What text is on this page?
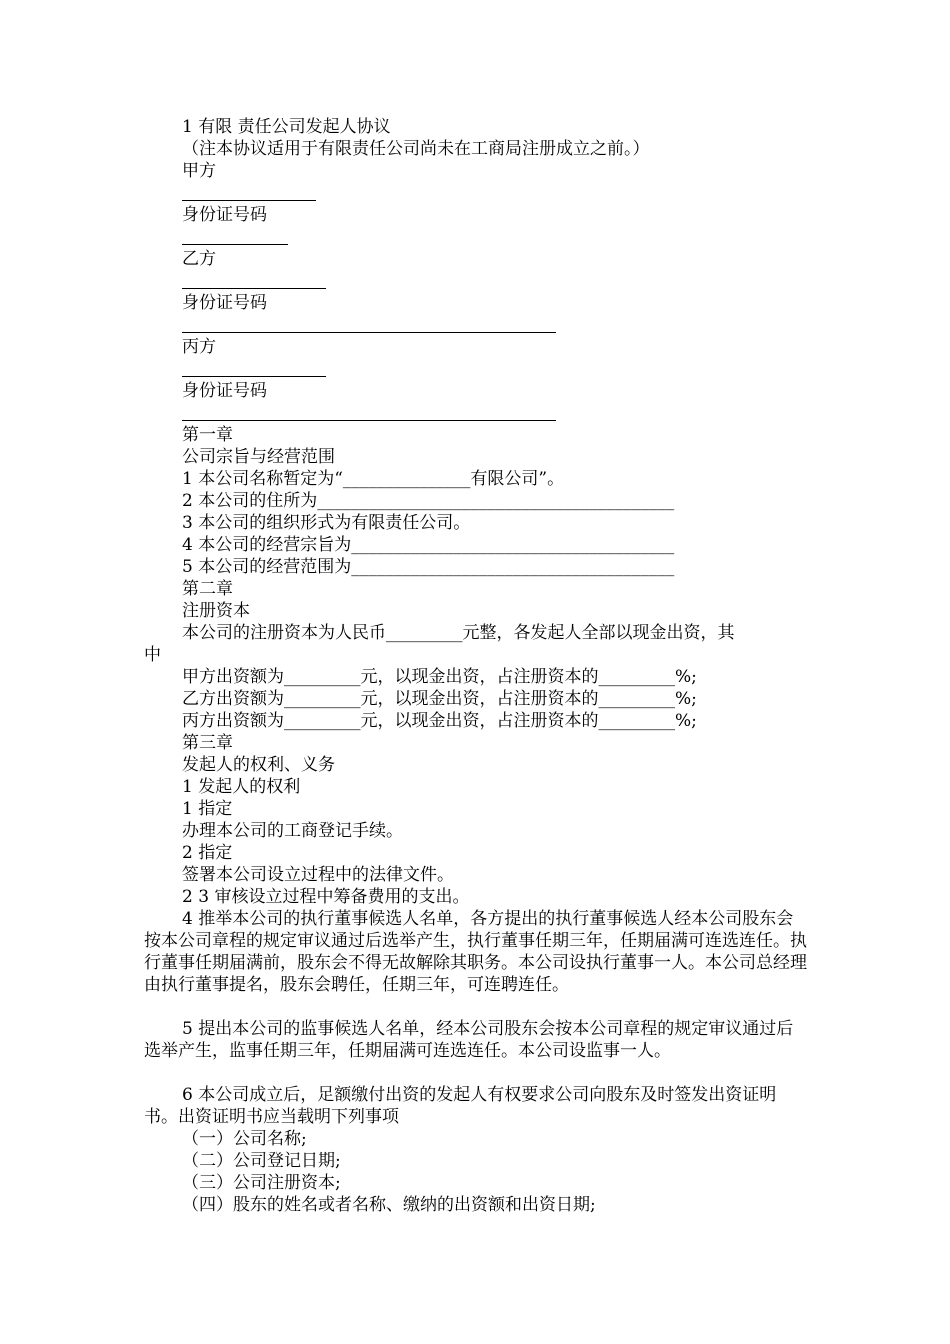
1 有限 责任公司发起人协议
（注本协议适用于有限责任公司尚未在工商局注册成立之前。）
甲方
身份证号码
乙方
身份证号码
丙方
身份证号码
第一章
公司宗旨与经营范围
1 本公司名称暂定为“_______________有限公司”。
2 本公司的住所为__________________________________________
3 本公司的组织形式为有限责任公司。
4 本公司的经营宗旨为______________________________________
5 本公司的经营范围为______________________________________
第二章
注册资本
本公司的注册资本为人民币_________元整，各发起人全部以现金出资，其
中
甲方出资额为_________元，以现金出资，占注册资本的_________%;
乙方出资额为_________元，以现金出资，占注册资本的_________%;
丙方出资额为_________元，以现金出资，占注册资本的_________%;
第三章
发起人的权利、义务
1 发起人的权利
1 指定
办理本公司的工商登记手续。
2 指定
签署本公司设立过程中的法律文件。
2 3 审核设立过程中筹备费用的支出。
4 推举本公司的执行董事候选人名单，各方提出的执行董事候选人经本公司股东会按本公司章程的规定审议通过后选举产生，执行董事任期三年，任期届满可连选连任。执行董事任期届满前，股东会不得无故解除其职务。本公司设执行董事一人。本公司总经理由执行董事提名，股东会聘任，任期三年，可连聘连任。
5 提出本公司的监事候选人名单，经本公司股东会按本公司章程的规定审议通过后选举产生，监事任期三年，任期届满可连选连任。本公司设监事一人。
6 本公司成立后，足额缴付出资的发起人有权要求公司向股东及时签发出资证明书。出资证明书应当载明下列事项
（一）公司名称;
（二）公司登记日期;
（三）公司注册资本;
（四）股东的姓名或者名称、缴纳的出资额和出资日期;
